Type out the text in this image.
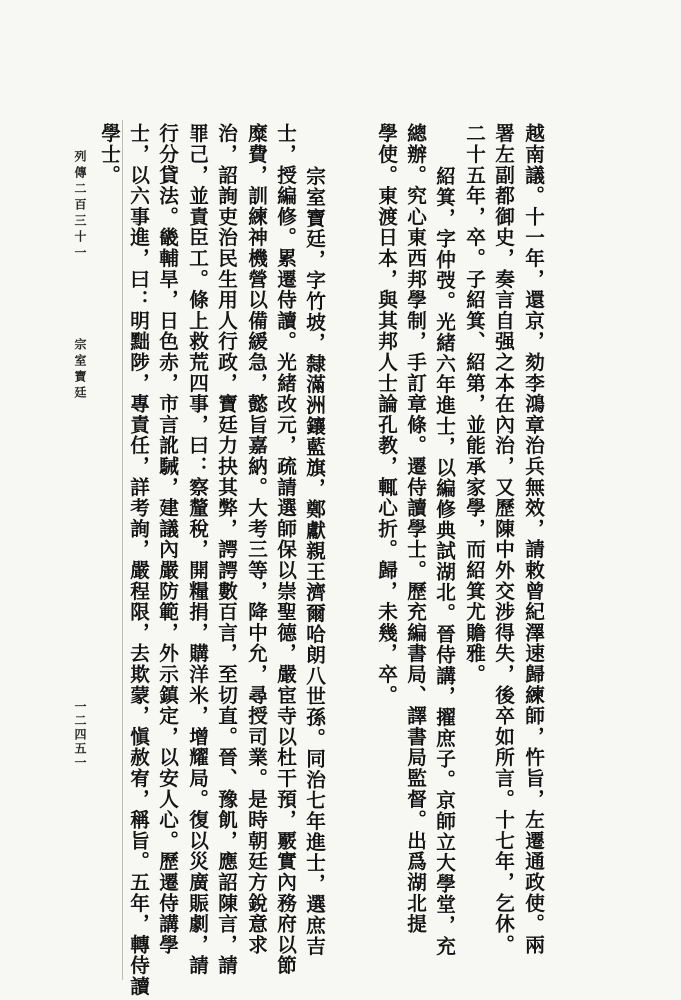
列傳二百三十一
宗室寶廷
一二四五一	越南議。十一年，還京，劾李鴻章治兵無效，請敕曾紀澤速歸練師，忤旨，左遷通政使。兩
署左副都御史，奏言自强之本在內治，又歷陳中外交涉得失，後卒如所言。十七年，乞休。
二十五年，卒。子紹箕、紹第，並能承家學，而紹箕尤贍雅。
紹箕，字仲弢。光緒六年進士，以編修典試湖北。晉侍講，擢庶子。京師立大學堂，充
總辦。究心東西邦學制，手訂章條。遷侍讀學士。歷充編書局、譯書局監督。出爲湖北提
學使。東渡日本，與其邦人士論孔教，輒心折。歸，未幾，卒。
宗室寶廷，字竹坡，隸滿洲鑲藍旗，鄭獻親王濟爾哈朗八世孫。同治七年進士，選庶吉
士，授編修。累遷侍讀。光緒改元，疏請選師保以崇聖德，嚴宦寺以杜干預，覈實內務府以節
糜費，訓練神機營以備緩急，懿旨嘉納。大考三等，降中允，尋授司業。是時朝廷方銳意求
治，詔詢吏治民生用人行政，寶廷力抉其弊，諤諤數百言，至切直。晉、豫飢，應詔陳言，請
罪己，並責臣工。條上救荒四事，曰：察釐稅，開糧捐，購洋米，增耀局。復以災廣賑劇，請
行分貸法。畿輔旱，日色赤，市言訛駴，建議內嚴防範，外示鎮定，以安人心。歷遷侍講學
士，以六事進，曰：明黜陟，專責任，詳考詢，嚴程限，去欺蒙，愼赦宥，稱旨。五年，轉侍讀
學士。
